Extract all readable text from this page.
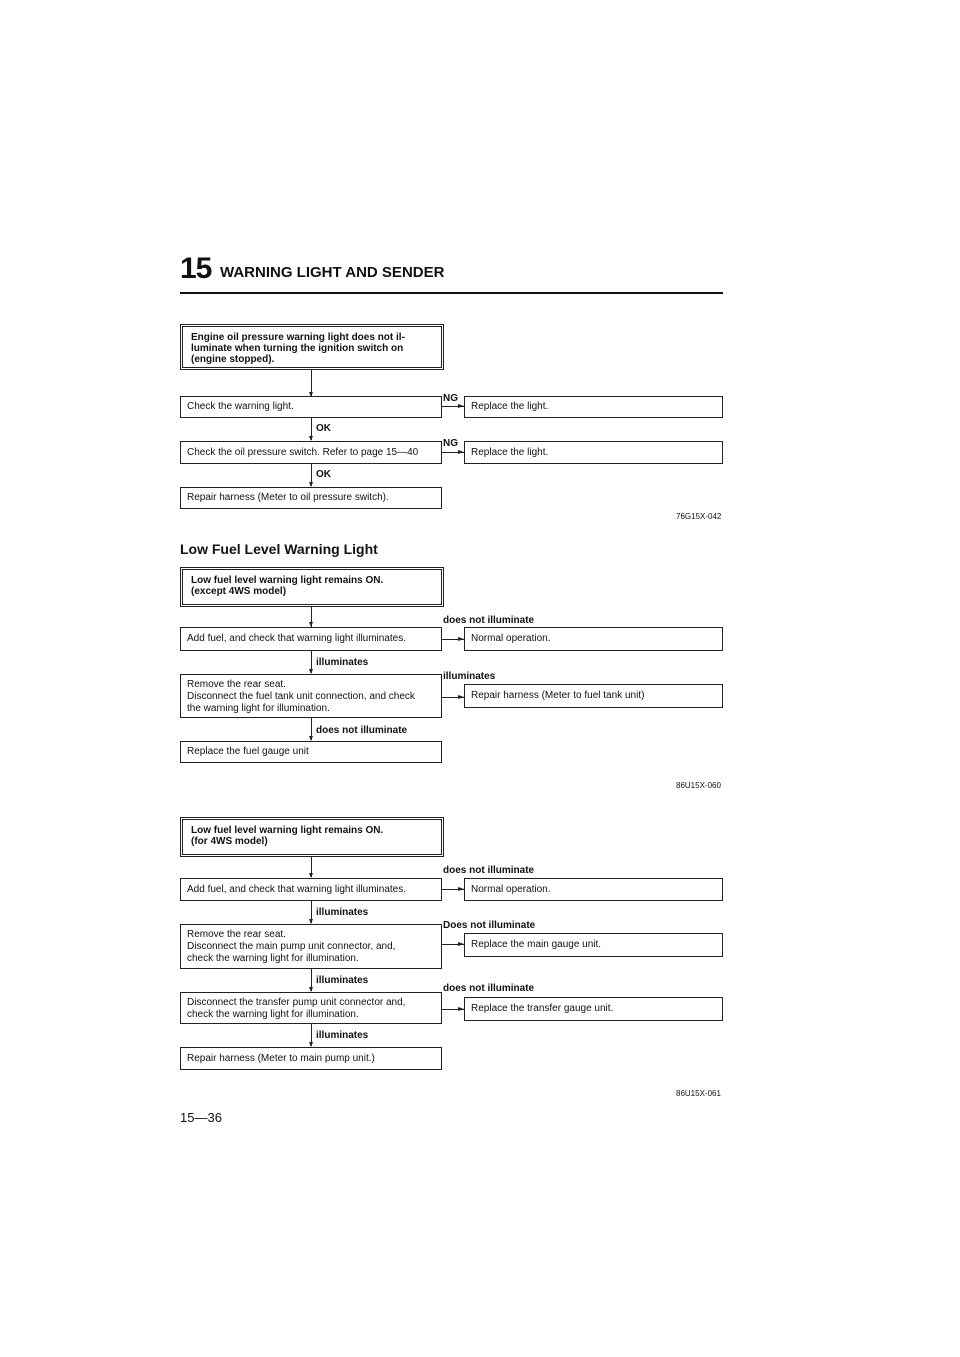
15 WARNING LIGHT AND SENDER
Engine oil pressure warning light does not il-
luminate when turning the ignition switch on
(engine stopped).
Check the warning light.
NG
Replace the light.
OK
Check the oil pressure switch. Refer to page 15—40
NG
Replace the light.
OK
Repair harness (Meter to oil pressure switch).
76G15X-042
Low Fuel Level Warning Light
Low fuel level warning light remains ON.
(except 4WS model)
does not illuminate
Add fuel, and check that warning light illuminates.	Normal operation.
illuminates
illuminates
Remove the rear seat.
Disconnect the fuel tank unit connection, and check
the warning light for illumination.
Repair harness (Meter to fuel tank unit)
does not illuminate
Replace the fuel gauge unit
86U15X-060
Low fuel level warning light remains ON.
(for 4WS model)
does not illuminate
Add fuel, and check that warning light illuminates.	Normal operation.
illuminates
Does not illuminate
Remove the rear seat.
Disconnect the main pump unit connector, and,
check the warning light for illumination.
Replace the main gauge unit.
illuminates
does not illuminate
Disconnect the transfer pump unit connector and,
check the warning light for illumination.
Replace the transfer gauge unit.
illuminates
Repair harness (Meter to main pump unit.)
86U15X-061
15—36
